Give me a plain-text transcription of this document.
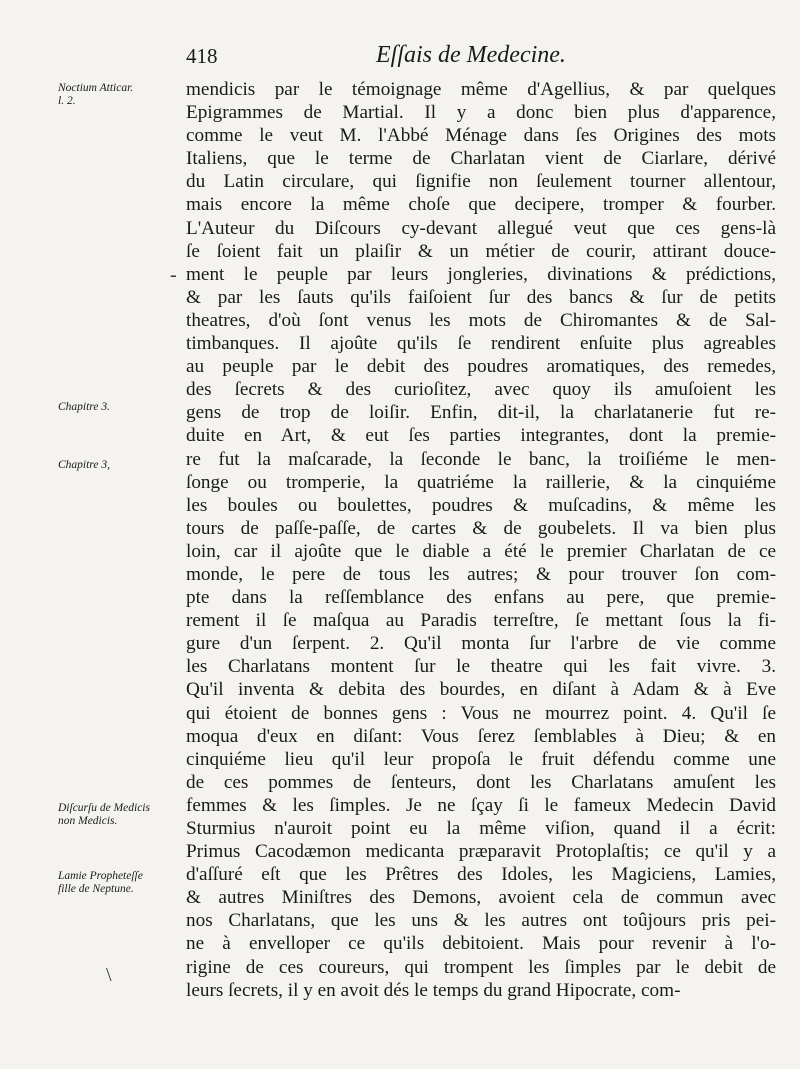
418	Eſſais de Medecine.
Noctium Atticar.
l. 2.
Chapitre 3.
Chapitre 3,
Diſcurſu de Medicis
non Medicis.
Lamie Propheteſſe
fille de Neptune.
-
\
mendicis par le témoignage même d'Agellius, & par quelques
Epigrammes de Martial. Il y a donc bien plus d'apparence,
comme le veut M. l'Abbé Ménage dans ſes Origines des mots
Italiens, que le terme de Charlatan vient de Ciarlare, dérivé
du Latin circulare, qui ſignifie non ſeulement tourner allentour,
mais encore la même choſe que decipere, tromper & fourber.
L'Auteur du Diſcours cy-devant allegué veut que ces gens-là
ſe ſoient fait un plaiſir & un métier de courir, attirant douce-
ment le peuple par leurs jongleries, divinations & prédictions,
& par les ſauts qu'ils faiſoient ſur des bancs & ſur de petits
theatres, d'où ſont venus les mots de Chiromantes & de Sal-
timbanques. Il ajoûte qu'ils ſe rendirent enſuite plus agreables
au peuple par le debit des poudres aromatiques, des remedes,
des ſecrets & des curioſitez, avec quoy ils amuſoient les
gens de trop de loiſir. Enfin, dit-il, la charlatanerie fut re-
duite en Art, & eut ſes parties integrantes, dont la premie-
re fut la maſcarade, la ſeconde le banc, la troiſiéme le men-
ſonge ou tromperie, la quatriéme la raillerie, & la cinquiéme
les boules ou boulettes, poudres & muſcadins, & même les
tours de paſſe-paſſe, de cartes & de goubelets. Il va bien plus
loin, car il ajoûte que le diable a été le premier Charlatan de ce
monde, le pere de tous les autres; & pour trouver ſon com-
pte dans la reſſemblance des enfans au pere, que premie-
rement il ſe maſqua au Paradis terreſtre, ſe mettant ſous la fi-
gure d'un ſerpent. 2. Qu'il monta ſur l'arbre de vie comme
les Charlatans montent ſur le theatre qui les fait vivre. 3.
Qu'il inventa & debita des bourdes, en diſant à Adam & à Eve
qui étoient de bonnes gens : Vous ne mourrez point. 4. Qu'il ſe
moqua d'eux en diſant: Vous ſerez ſemblables à Dieu; & en
cinquiéme lieu qu'il leur propoſa le fruit défendu comme une
de ces pommes de ſenteurs, dont les Charlatans amuſent les
femmes & les ſimples. Je ne ſçay ſi le fameux Medecin David
Sturmius n'auroit point eu la même viſion, quand il a écrit:
Primus Cacodæmon medicanta præparavit Protoplaſtis; ce qu'il y a
d'aſſuré eſt que les Prêtres des Idoles, les Magiciens, Lamies,
& autres Miniſtres des Demons, avoient cela de commun avec
nos Charlatans, que les uns & les autres ont toûjours pris pei-
ne à envelloper ce qu'ils debitoient. Mais pour revenir à l'o-
rigine de ces coureurs, qui trompent les ſimples par le debit de
leurs ſecrets, il y en avoit dés le temps du grand Hipocrate, com-
